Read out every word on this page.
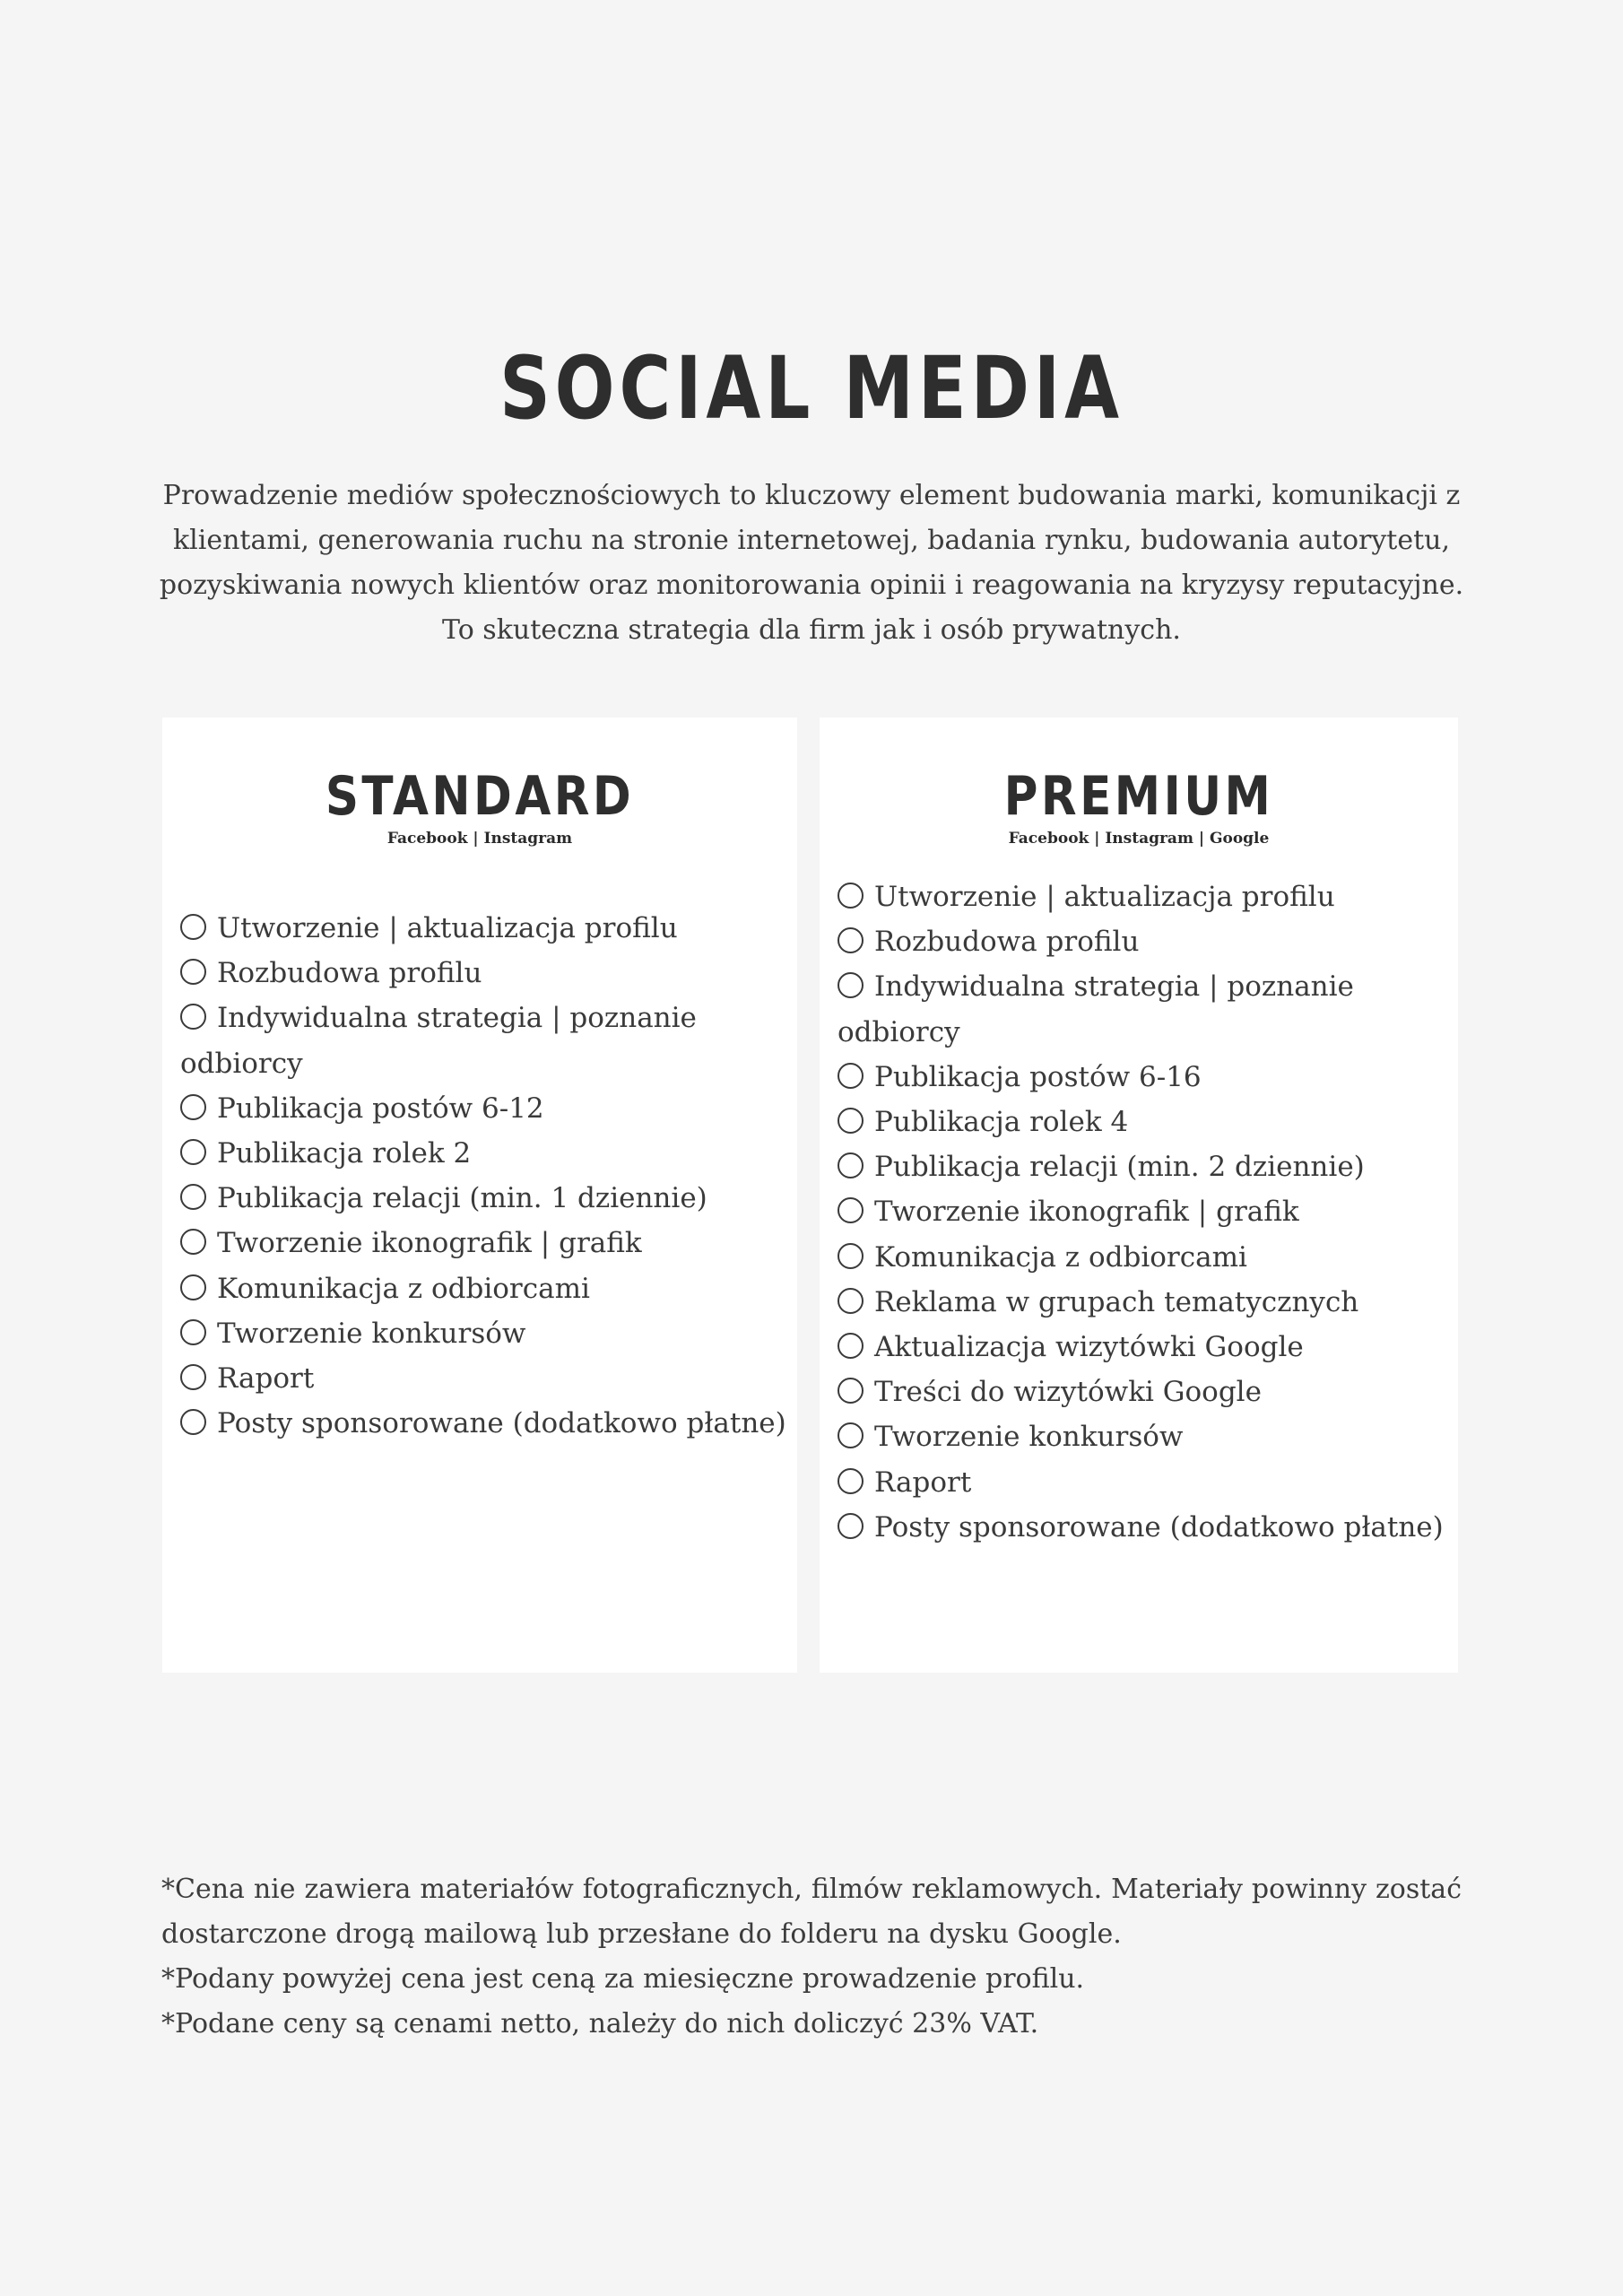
SOCIAL MEDIA

Prowadzenie mediów społecznościowych to kluczowy element budowania marki, komunikacji z
klientami, generowania ruchu na stronie internetowej, badania rynku, budowania autorytetu,
pozyskiwania nowych klientów oraz monitorowania opinii i reagowania na kryzysy reputacyjne.
To skuteczna strategia dla firm jak i osób prywatnych.

STANDARD

Facebook | Instagram

Utworzenie | aktualizacja profilu
Rozbudowa profilu
Indywidualna strategia | poznanie odbiorcy
Publikacja postów 6-12
Publikacja rolek 2
Publikacja relacji (min. 1 dziennie)
Tworzenie ikonografik | grafik
Komunikacja z odbiorcami
Tworzenie konkursów
Raport
Posty sponsorowane (dodatkowo płatne)
PREMIUM

Facebook | Instagram | Google

Utworzenie | aktualizacja profilu
Rozbudowa profilu
Indywidualna strategia | poznanie odbiorcy
Publikacja postów 6-16
Publikacja rolek 4
Publikacja relacji (min. 2 dziennie)
Tworzenie ikonografik | grafik
Komunikacja z odbiorcami
Reklama w grupach tematycznych
Aktualizacja wizytówki Google
Treści do wizytówki Google
Tworzenie konkursów
Raport
Posty sponsorowane (dodatkowo płatne)

*Cena nie zawiera materiałów fotograficznych, filmów reklamowych. Materiały powinny zostać dostarczone drogą mailową lub przesłane do folderu na dysku Google.

*Podany powyżej cena jest ceną za miesięczne prowadzenie profilu.

*Podane ceny są cenami netto, należy do nich doliczyć 23% VAT.
